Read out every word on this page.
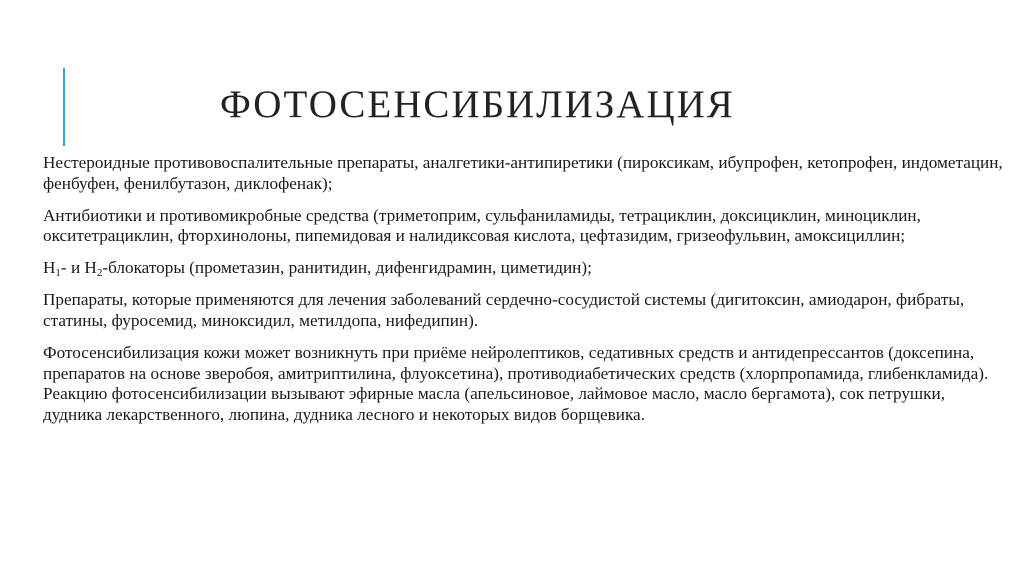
ФОТОСЕНСИБИЛИЗАЦИЯ

Нестероидные противовоспалительные препараты, аналгетики-антипиретики (пироксикам, ибупрофен, кетопрофен, индометацин, фенбуфен, фенилбутазон, диклофенак);

Антибиотики и противомикробные средства (триметоприм, сульфаниламиды, тетрациклин, доксициклин, миноциклин, окситетрациклин, фторхинолоны, пипемидовая и налидиксовая кислота, цефтазидим, гризеофульвин, амоксициллин;

$H_1-$ и $H_2$-блокаторы (прометазин, ранитидин, дифенгидрамин, циметидин);

Препараты, которые применяются для лечения заболеваний сердечно-сосудистой системы (дигитоксин, амиодарон, фибраты, статины, фуросемид, миноксидил, метилдопа, нифедипин).

Фотосенсибилизация кожи может возникнуть при приёме нейролептиков, седативных средств и антидепрессантов (доксепина, препаратов на основе зверобоя, амитриптилина, флуоксетина), противодиабетических средств (хлорпропамида, глибенкламида). Реакцию фотосенсибилизации вызывают эфирные масла (апельсиновое, лаймовое масло, масло бергамота), сок петрушки, дудника лекарственного, люпина, дудника лесного и некоторых видов борщевика.
